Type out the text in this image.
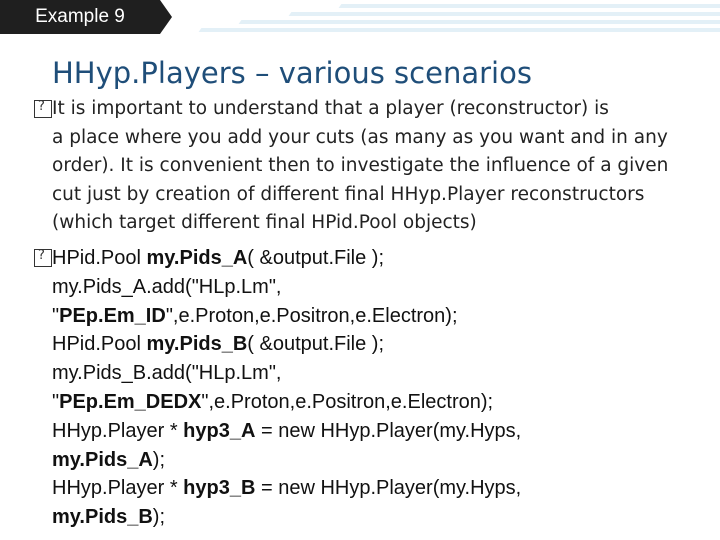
Example 9
HHyp.Players – various scenarios
?
It is important to understand that a player (reconstructor) is
a place where you add your cuts (as many as you want and in any
order). It is convenient then to investigate the influence of a given
cut just by creation of different final HHyp.Player reconstructors
(which target different final HPid.Pool objects)
?
HPid.Pool my.Pids_A( &output.File );
my.Pids_A.add("HLp.Lm",
"PEp.Em_ID",e.Proton,e.Positron,e.Electron);
HPid.Pool my.Pids_B( &output.File );
my.Pids_B.add("HLp.Lm",
"PEp.Em_DEDX",e.Proton,e.Positron,e.Electron);
HHyp.Player * hyp3_A = new HHyp.Player(my.Hyps,
my.Pids_A);
HHyp.Player * hyp3_B = new HHyp.Player(my.Hyps,
my.Pids_B);
